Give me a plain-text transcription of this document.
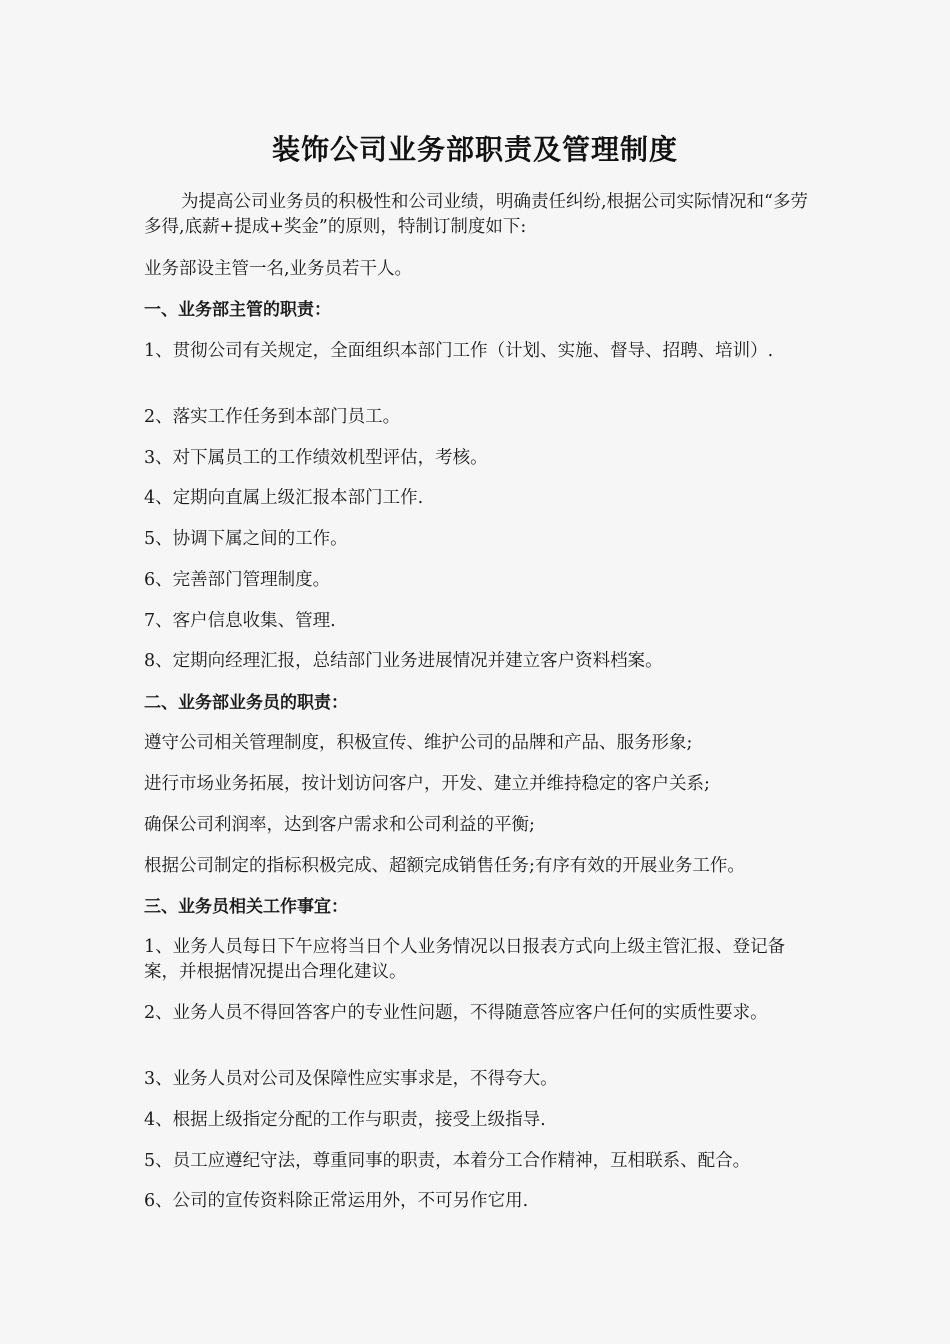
装饰公司业务部职责及管理制度

为提高公司业务员的积极性和公司业绩，明确责任纠纷,根据公司实际情况和“多劳多得,底薪+提成+奖金”的原则，特制订制度如下:

业务部设主管一名,业务员若干人。

一、业务部主管的职责：

1、贯彻公司有关规定，全面组织本部门工作（计划、实施、督导、招聘、培训）.

2、落实工作任务到本部门员工。

3、对下属员工的工作绩效机型评估，考核。

4、定期向直属上级汇报本部门工作.

5、协调下属之间的工作。

6、完善部门管理制度。

7、客户信息收集、管理.

8、定期向经理汇报，总结部门业务进展情况并建立客户资料档案。

二、业务部业务员的职责：

遵守公司相关管理制度，积极宣传、维护公司的品牌和产品、服务形象;

进行市场业务拓展，按计划访问客户，开发、建立并维持稳定的客户关系;

确保公司利润率，达到客户需求和公司利益的平衡;

根据公司制定的指标积极完成、超额完成销售任务;有序有效的开展业务工作。

三、业务员相关工作事宜：

1、业务人员每日下午应将当日个人业务情况以日报表方式向上级主管汇报、登记备案，并根据情况提出合理化建议。

2、业务人员不得回答客户的专业性问题，不得随意答应客户任何的实质性要求。

3、业务人员对公司及保障性应实事求是，不得夸大。

4、根据上级指定分配的工作与职责，接受上级指导.

5、员工应遵纪守法，尊重同事的职责，本着分工合作精神，互相联系、配合。

6、公司的宣传资料除正常运用外，不可另作它用.
